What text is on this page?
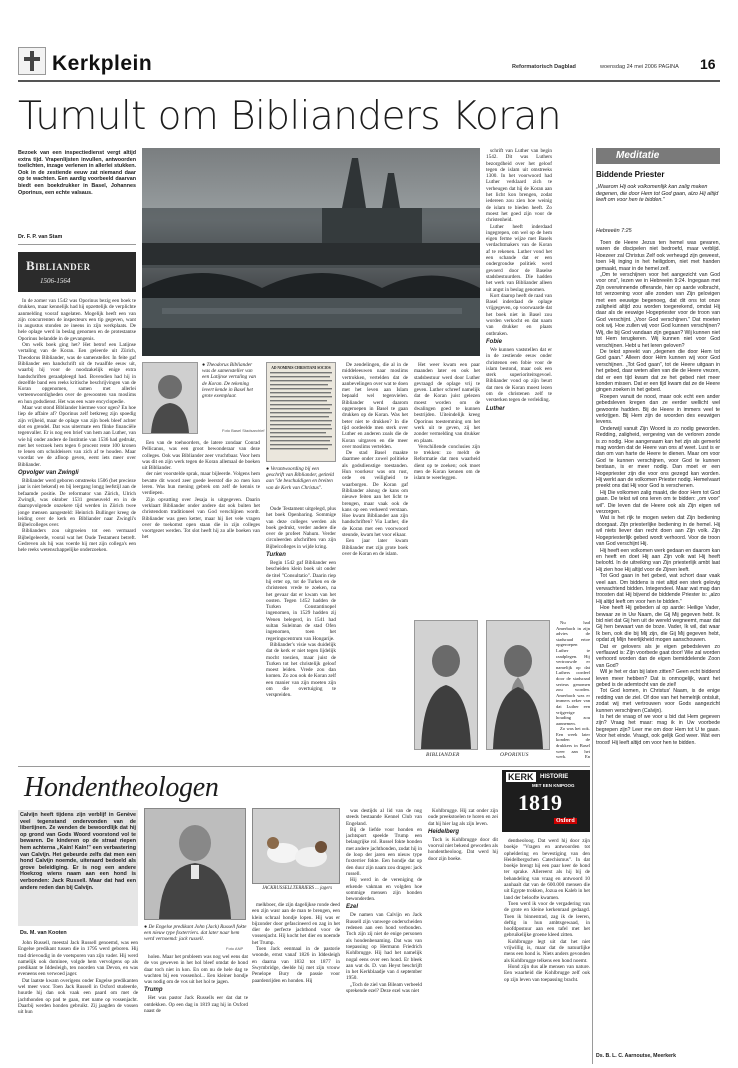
Kerkplein	Reformatorisch Dagblad	woensdag 24 mei 2006 PAGINA 16
Tumult om Biblianders Koran
Bezoek van een inspectiedienst vergt altijd extra tijd. Vrapenlijsten invullen, antwoorden toelichten, inzage verlenen in allerlei stukken. Ook in de zestiende eeuw zat niemand daar op te wachten. Een aardig voorbeeld daarvan biedt een boekdrukker in Basel, Johannes Oporinus, een echte valsaus.
Dr. F. P. van Stam
Bibliander
1506-1564

In de zomer van 1542 was Oporinus bezig een boek te drukken, maar kennelijk had hij opzettelijk de verplichte aanmelding vooraf nagelaten. Mogelijk heeft een van zijn concurrenten de inspecteurs een tip gegeven, want in augustus stonden ze ineens in zijn werkplaats. De hele oplage werd in beslag genomen en de protestantse Oporinus belandde in de gevangenis.

Om welk boek ging het? Het betrof een Latijnse vertaling van de Koran. Een geleerde uit Zürich, Theodorus Bibliander, was de samensteller. In feite gaf Bibliander een handschrift uit de twaalfde eeuw uit, waarbij hij voor de noodzakelijk enige extra handschriften geraadpleegd had. Bovendien had hij in dezelfde band een reeks kritische beschrijvingen van de Koran opgenomen, samen met allerlei verteenwoordigheden over de gewoonten van moslims en hun godsdienst. Het was een ware encyclopedie.

Maar wat stond Bibliander hiermee voor ogen? En hoe liep de affaire af? Oporinus zelf betkreeg zijn spoedig zijn vrijheid, maar de oplage van zijn boek bleef achter slot en grendel. Dat was uitermate een flinke financiële tegenvaller. Er is nog een brief van hem aan Luther, van wie hij onder andere de Institutie van 1536 had gedrukt, met het verzoek hem tegen 6 procent rente 100 kronen te lenen om schuldeisers van zich af te houden. Maar voordat we de afloop geven, eerst iets meer over Bibliander.

Opvolger van Zwingli

Bibliander werd geboren omstreeks 1506 (het precieze jaar is niet bekend) en bij leergang longg leefstijl aan de befaamde positie. De reformator van Zürich, Ulrich Zwingli, was oktober 1531 gesneuveld en in de daaropvolgende onzekere tijd werden in Zürich twee jonge mensen aangesteld: Heinrich Bullinger kreeg de leiding over de kerk en Bibliander naar Zwingli's Bijbelcolleges over.

Biblianders zou uitgroeien tot een vermaard Bijbelgeleerde, vooral wat het Oude Testament betreft. Gedreven als hij was voerde hij met zijn collega's een hele reeks wetenschappelijke onderzoeken.

● Theodorus Bibliander was de samensteller van een Latijnse vertaling van de Koran. De tekening levert kende in Basel het grote exemplaar.
Foto Basel Stadsarchief
AD NOMINIS CHRISTIANI SOCIOS
● Verantwoording bij een geschrift van Bibliander, getiteld aan "de beschuldigen en breiten van de Kerk van Christus".

Een van de toehoorders, de latere zondaar Conrad Pellicanus, was een groot bewonderaar van deze colleges. Ook was Bibliander zeer vruchtbaar. Voor hem was dit en zijn werk tegen de Koran allemaal de boeken uit Bibliander.

der niet voorstelde sprak, maar bijleerde. Volgens hem bevatte dit woord zeer goede leerstof die zo men kon leren. Was hun mening gebrek om zelf de kennis te verdiepen.

Zijn opvatting over Jesaja is uitgegeven. Daarin verklaart Bibliander onder andere dat ook buiten het christendom traditioneel van God verschijnen wordt. Bibliander was geen ketter, maar hij liet vele vragen over de toekomst open staan die in zijn colleges voortgezet werden. Tot slot heeft hij zo alle boeken van het

Oude Testament uitgelegd, plus het boek Openbaring. Sommige van deze colleges werden als boek gedrukt, verder andere die over de profeet Nahum. Verder circuleerden afschriften van zijn Bijbelcolleges in wijde kring.

Turken

Begin 1542 gaf Bibliander een bescheiden klein boek uit onder de titel "Consultatio". Daarin riep hij erter op, tot de Turken en de christenen vrede te zoeken, na het gevaar dat er kwam van het oosten. Tegen 1452 hadden de Turken Constantinopel ingenomen, in 1529 hadden zij Wenen belegerd, in 1541 had sultan Suleiman de stad Ofen ingenomen, toen het regeringscentrum van Hongarije.

Bibliander's visie was duidelijk dat de kerk er niet tegen lijdelijk mocht toezien, maar juist de Turken tot het christelijk geloof moest leiden. Vrede zou dan komen. Zo zou ook de Koran zelf een manier van zijn moeten zijn om die overtuiging te verspreiden.

De zendelingen, die al in de middeleeuwen naar moslims vertrokken, vertelden dat de aanbevelingen over wat te doen met het leven aan Islam bepaald wel tegenvielen. Bibliander werd daarom opgeroepen in Basel te gaan drukken op de Koran. Was het beter niet te drukken? In die tijd oordeelde men sterk over Luther en anderen zoals die de Koran uitgaven en die meer over moslims vertelden.

De stad Basel maakte daarmee onder zowel politieke als godsdienstige toestanden. Hun voorkeur was om rust, orde en veiligheid te waarborgen. De Koran gaf Bibliander alsnog de kans om nieuwe feiten aan het licht te brengen, maar vaak ook de kans op een verkeerd verstaan. Hoe kwam Bibliander aan zijn handschriften? Via Luther, die de Koran met een voorwoord steunde, kwam het voor elkaar.

Een jaar later kwam Bibliander met zijn grote boek over de Koran en de islam.

Het weer kwam een paar maanden later en ook het stadsbestuur werd door Luther gevraagd de oplage vrij te geven. Luther schreef namelijk dat de Koran juist gelezen moest worden om de dwalingen goed te kunnen bestrijden. Uiteindelijk kreeg Oporinus toestemming om het werk uit te geven, zij het zonder vermelding van drukker en plaats.

Verschillende conclusies zijn te trekken: zo meldt de Reformatie dat men waarheid dient op te zoeken; ook moet men de Koran kennen om de islam te weerleggen.

BIBLIANDER	OPORINUS

schrift van Luther van begin 1542. Dit was Luthers bezorgdheid over het geloof tegen de islam uit omstreeks 1300. In het voorwoord had Luther verklaard zich te verheugen dat hij de Koran aan het licht kon brengen, zodat iedereen zou zien hoe weinig de islam te bieden heeft. Zo moest het goed zijn voor de christenheid.

Luther heeft inderdaad ingegrepen, om wel op de hem eigen ferme wijze met Basels verdachtmakers van de Koran af te rekenen. Luther vond het een schande dat er een ondergrondse politiek werd gevoerd door de Baselse stadsbestuurders. Die hadden het werk van Bibliander alleen uit angst in beslag genomen.

Kort daarop heeft de raad van Basel inderdaad de oplage vrijgegeven, op voorwaarde dat het boek niet in Basel zou worden verkocht en dat naam van drukker en plaats ontbraken.

Fobie

We kunnen vaststellen dat er in de zestiende eeuw onder christenen een fobie voor de islam bestond, maar ook een sterk superioriteitsgevoel. Bibliander vond op zijn beurt dat men de Koran moest lezen om de christenen zelf te versterken tegen de verleiding.

Luther
Meditatie
Biddende Priester
„Waarom Hij ook volkomenlijk kan zalig maken degenen, die door Hem tot God gaan, alzo Hij altijd leeft om voor hen te bidden.”
Hebreeën 7:25

Toen de Heere Jezus ten hemel was gevaren, waren de discipelen niet bedroefd, maar verblijd. Hoezeer zal Christus Zelf ook verheugd zijn geweest, toen Hij inging in het heiligdom, niet met handen gemaakt, maar in de hemel zelf.

„Om te verschijnen voor het aangezicht van God voor ons”, lezen we in Hebreeën 9:24. Ingegaan met Zijn overwinnende offerande, hier op aarde volbracht, tot verzoening voor alle zonden van Zijn gelovigen met een eeuwige begenoeg, dat dit ons tot onze zaligheid altijd zou worden toegerekend, omdat Hij daar als de eeuwige Hogepriester voor de troon van God verschijnt. „Voor God verschijnen.” Dat moeten ook wij. Hoe zullen wij voor God kunnen verschijnen? Wij, die bij God vandaan zijn gegaan? Wij kunnen niet tot Hem terugkeren. Wij kunnen niet voor God verschijnen. Hebt u het leren geloven?

De tekst spreekt van „degenen die door Hem tot God gaan.” Alleen door Hém kunnen wij voor God verschijnen. „Tot God gaan”, tot de Heere uitgaan in het gebed, daar weten allen van die de Heere vrezen, dat er een tijd kwam dat ze het gebed niet meer konden missen. Dat er een tijd kwam dat ze de Heere gingen zoeken in het gebed.

Roepen vanuit de nood, maar ook echt een ander gebedsleven kregen dan ze eerder wellicht wel gewoonte hadden. Bij de Heere in immers veel te verkrijgen. Bij Hem zijn de woorden des eeuwigen levens.

Onderwijl vanuit Zijn Woord is zo nodig geworden. Redding, zaligheid, vergeving van de verloren zonde is zo nodig. Hoe aangenaam kan het zijn als gemerkt mag worden dat de Heere van ons af weet. Lust is er dan om van harte de Heere te dienen. Maar om voor God te kunnen verschijnen, voor God te kunnen bestaan, is er meer nodig. Dan moet er een Hogepriester zijn die voor ons gezegd kan worden. Hij werkt aan de volkomen Priester nodig. Hemelvaart preekt ons dat Hij voor God is verschenen.

Hij Die volkomen zalig maakt, die door Hem tot God gaan. De tekst wil ons leren om te bidden: „om voor” wil”. Die leven dat de Heere ook als Zijn eigen wil verzorgen.

Wat is het rijk te mogen weten dat Zijn bediening doorgaat. Zijn priesterlijke bediening in de hemel. Hij wil niets liever dan recht doen aan Zijn volk. Zijn Hogepriesterlijk gebed wordt verhoord. Voor de troon van God verschijnt Hij.

Hij heeft een volkomen werk gedaan en daarom kan en heeft en doet Hij aan Zijn volk wat Hij heeft beloofd. In de uitreiking van Zijn priesterlijk ambt laat Hij zien hoe Hij altijd voor de Zijnen leeft.

Tot God gaan in het gebed, wat schort daar vaak veel aan. Om biddens is niet altijd een sterk gelovig verwachtend bidden. Integendeel. Maar wat mag dan troosten dat Hij bijvend de biddende Priester is: „alzo Hij altijd leeft om voor hen te bidden.”

Hoe heeft Hij gebeden al op aarde: Heilige Vader, bewaar ze in Uw Naam, die Gij Mij gegeven hebt. Ik bid niet dat Gij hen uit de wereld wegneemt, maar dat Gij hen bewaart van de boze. Vader, Ik wil, dat waar Ik ben, ook die bij Mij zijn, die Gij Mij gegeven hebt, opdat zij Mijn heerlijkheid mogen aanschouwen.

Dat er gelovers als je eigen gebedsleven zo verflauwd is: Zijn voorbede gaat door! Wie zal worden verhoord worden dan de eigen bemiddelende Zoon van God?

Wil je het er dan bij laten zitten? Geen echt biddend leven meer hebben? Dat is onmogelijk, want het gebed is de ademtocht van de ziel!

Tot God komen, in Christus' Naam, is de enige redding van de ziel. Of doe van het hemelrijk ontsluit, zodat wij met vertrouwen voor Gods aangezicht kunnen verschijnen (Calvijn).

Is het de vraag of we voor u bid dat Hem gegeven zijn? Vraag het maar: mag ik in Uw voorbede begrepen zijn? Leer me om door Hem tot U te gaan. Voor het einde. Vraagt, ook gelijk God weer. Wat een troost! Hij leeft altijd om voor hen te bidden.

Ds. B. L. C. Aarnoutse, Meerkerk
Hondentheologen	KERK	HISTORIE
MET EEN KNIPOOG
1819
Oxford
Calvijn heeft tijdens zijn verblijf in Genève veel tegenstand ondervonden van de libertijnen. Ze wenden de bewoordlijk dat hij op grond van Gods Woord voorstond vol te bewaren. De kinderen op de straat riepen hem achterna „Kain! Kain!” een verbastering van Calvijn. Het gebeurde zelfs dat men een hond Calvijn noemde, uiteraard bedoeld als grove beleidiging. Er is nog een andere Hoekzog wiens naam aan een hond is verbonden: Jack Russell. Maar dat had een andere reden dan bij Calvijn.
Ds. M. van Kooten

John Russell, meestal Jack Russell genoemd, was een Engelse predikant tussen die in 1795 werd geboren. Hij trad drievoudig in de voetsporen van zijn vader. Hij werd namelijk ook dominee, volgde hem vervolgens op als predikant te Iddesleigh, ten noorden van Devon, en was eveneens een verwoed jager.

Dat laatste kwam overigens onder Engelse predikanten wel meer voor. Toen Jack Russell in Oxford studeerde, huurde hij dan ook vaak een paard om met de jachthonden op pad te gaan, met name op vossenjacht. Daarbij werden honden gebruikt. Zij jaagden de vossen uit hun

● De Engelse predikant John (Jack) Russell fokte een nieuw type foxterriers. dat later naar hem werd vernoemd: jack russell.
Foto ANP
JACKRUSSELLTERRIERS ... jagers

holen. Maar het probleem was nog wel eens dat de vos geweven in het hol bleef omdat de hond daar toch niet in kon. En om nu de hele dag te wachten bij een vossenhol... Een kleiner hondje was nodig om de vos uit het hol te jagen.

Trump

Het was pastor Jack Russells eer dat dat te ontdekken. Op een dag in 1819 zag hij in Oxford naast de

melkboer, die zijn dagelijkse ronde deed een zijn wasr aan de man te brengen, een klein schraal hondje lopen. Hij was er bijzonder door gefascineerd en zag in het dier de perfecte jachthond voor de vossenjacht. Hij kocht het dier en noemde het Trump.

Toen Jack eenmaal in de pastorie woonde, ernst vanaf 1826 in Iddesleigh en daarna van 1832 tot 1877 in Swymbridge, deelde hij met zijn vrouw Penelope Bury de passie voor paardenrijden en honden. Hij

was destijds al lid van de nog steeds bestaande Kennel Club van Engeland.

Bij de liefde voor honden en jachtsport speelde Trump een belangrijke rol. Russel fokte honden met andere jachthonden, zodat hij in de loop der jaren een nieuw type foxterrier fokte. Een hondje dat op den duur zijn naam zou dragen: jack russell.

Hij werd in de vereniging de erkende vakman en volgden hoe sommige mensen zijn honden bewonderden.

Ezel

De namen van Calvijn en Jack Russell zijn vanwege onderscheiden redenen aan een hond verbonden. Toch zijn zij niet de enige personen als hondenbenaming. Dat was van toepassing op Hermann Friedrich Kohlbrugge. Hij had het namelijk nogal eens over een hond. Er bleek aan wat ds. D. van Heyst beschrijft in het Kerkblaadje van 4 september 1950.

„Toch de ziel van Bileam verbeeld sprekende ezel? Deze ezel was niet

Kohlbrugge. Hij zat onder zijn oude preekstoelen te horen en zei dat hij hier lag als zijn leven.

Heidelberg

Toch is Kohlbrugge door dit voorval niet bekend geworden als hondentheoloog. Dat werd hij door zijn boeke.

dentheoloog. Dat werd hij door zijn boekje "Vragen en antwoorden tot opheldering en bevestiging van den Heidelbergschen Catechismus". In dat boekje brengt hij een paar keer de hond ter sprake. Allereerst als hij bij de behandeling van vraag en antwoord 10 aanhaalt dat van de 600.000 mensen die uit Egypte trokken, Jozua en Kaleb in het land der beloofte kwamen.

Toen werd ik voor de vergadering van de grote en kleine kerkenraad gedaagd. Toen ik binnentrad, zag ik de leeren, deftig in hun ambtsgewaad, in hoofdpostuur aan een tafel met het gebruikelijke groene kleed zitten.

Kohlbrugge legt uit dat het niet vrijwillig is, maar dat de natuurlijke mens een hond is. Niets anders gevonden als Kohlbrugge telkens een hond noemt.

Hond zijn dus alle mensen van nature. Een waarheid die Kohlbrugge zelf ook op zijn leven van toepassing bracht.

Nu had Amerbach in zijn advies de stadsraad ertoe opgeroepen Luther te raadplegen. Hij vertrouwde er namelijk op dat Luthers oordeel door de stadsraad serieus genomen zou worden. Amerbach was er immers zeker van dat Luther een vrijgevige houding zou aannemen.

Zo was het ook. Een week later konden de drukkers in Basel weer aan het werk. En
